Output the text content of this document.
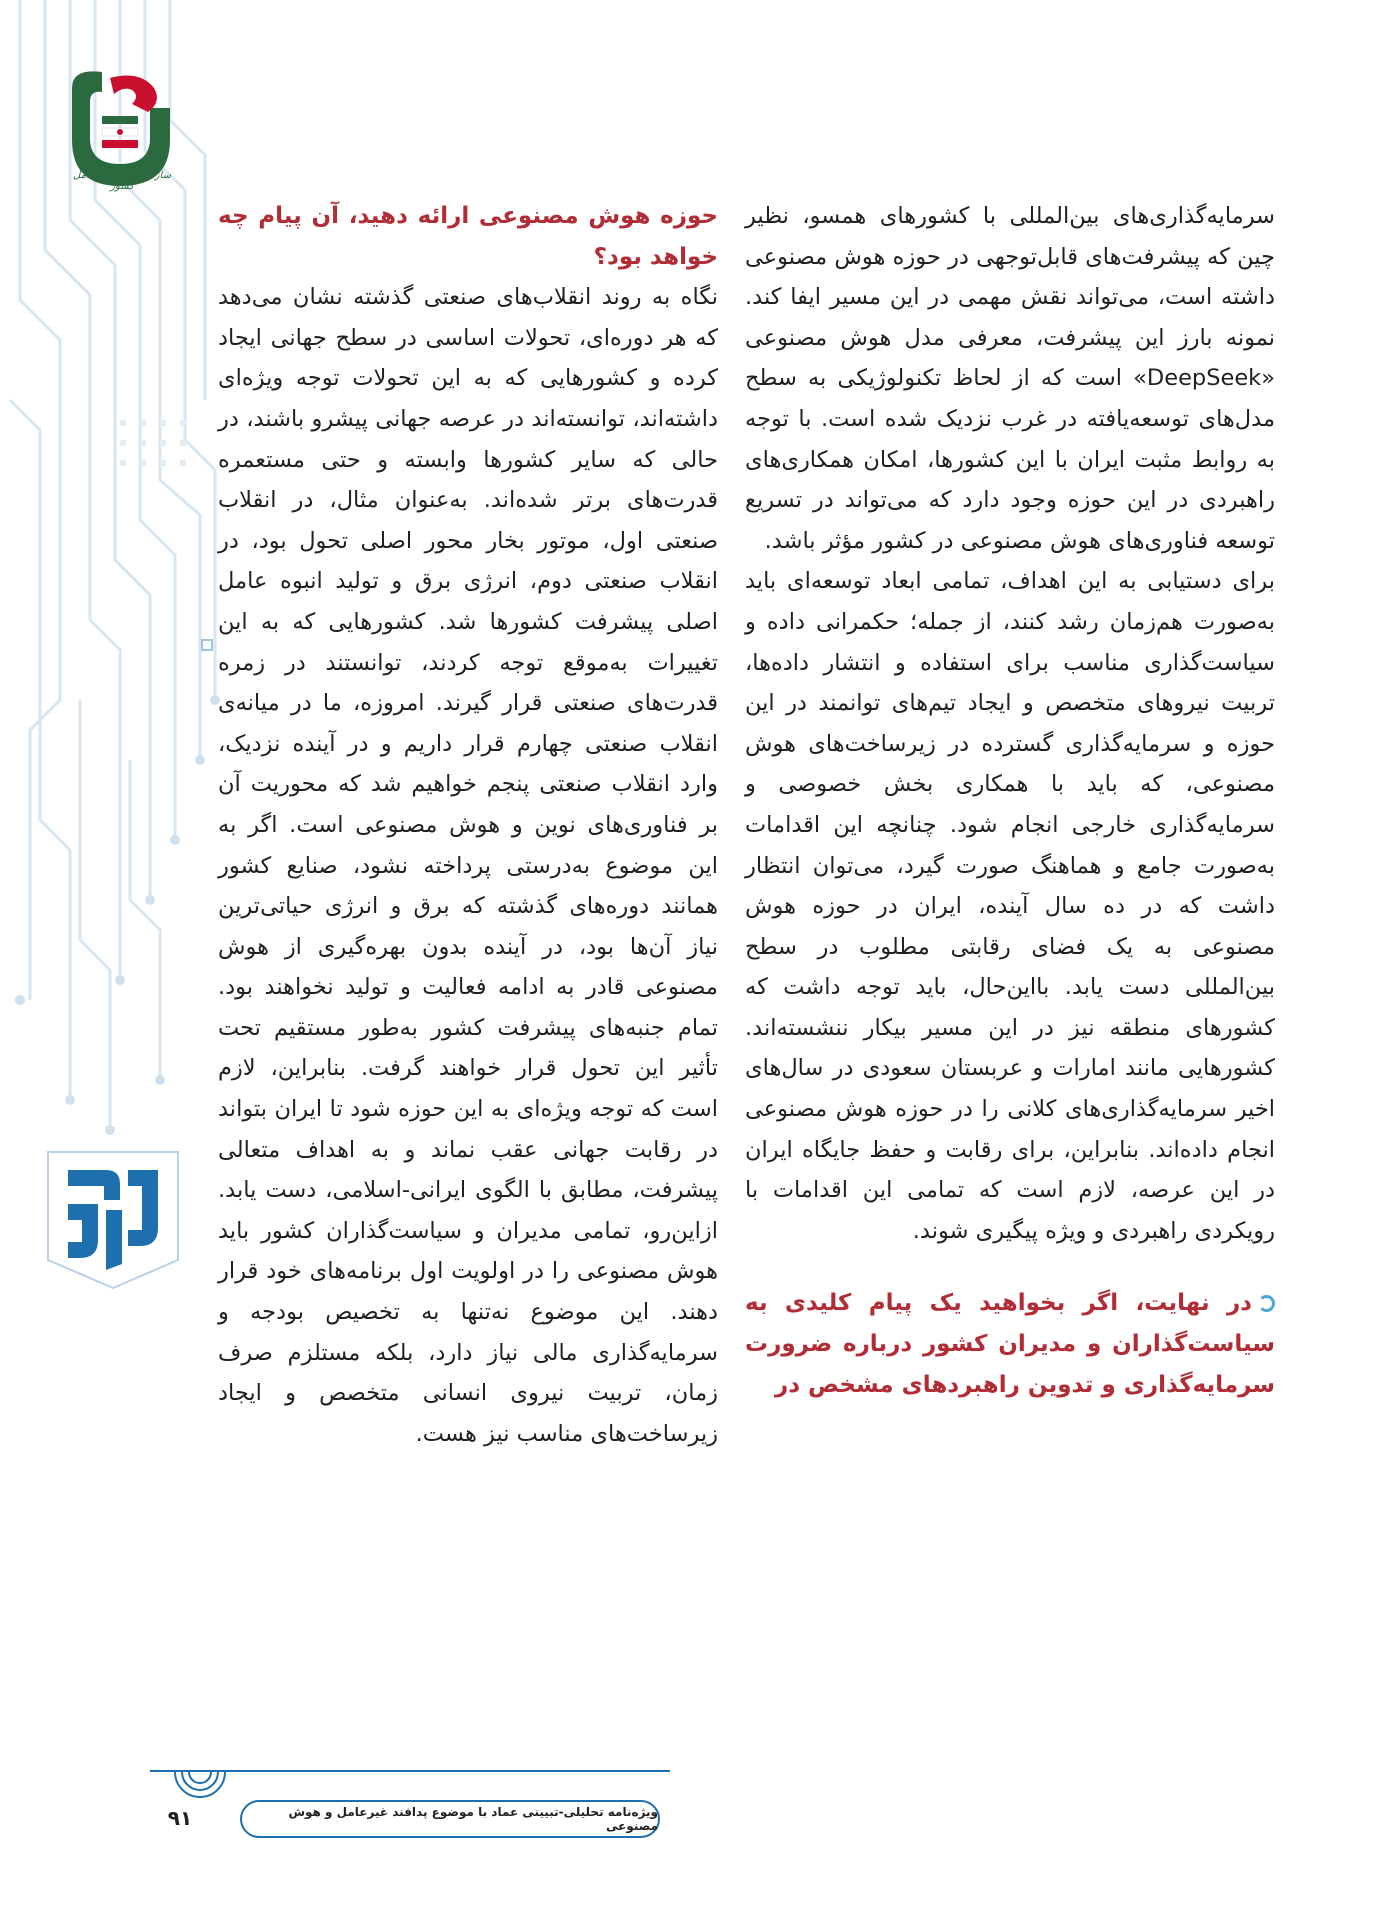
سازمان پدافند غیرعامل کشور

سرمایه‌گذاری‌های بین‌المللی با کشورهای همسو، نظیر چین که پیشرفت‌های قابل‌توجهی در حوزه هوش مصنوعی داشته است، می‌تواند نقش مهمی در این مسیر ایفا کند. نمونه بارز این پیشرفت، معرفی مدل هوش مصنوعی «DeepSeek» است که از لحاظ تکنولوژیکی به سطح مدل‌های توسعه‌یافته در غرب نزدیک شده است. با توجه به روابط مثبت ایران با این کشورها، امکان همکاری‌های راهبردی در این حوزه وجود دارد که می‌تواند در تسریع توسعه فناوری‌های هوش مصنوعی در کشور مؤثر باشد.

برای دستیابی به این اهداف، تمامی ابعاد توسعه‌ای باید به‌صورت هم‌زمان رشد کنند، از جمله؛ حکمرانی داده و سیاست‌گذاری مناسب برای استفاده و انتشار داده‌ها، تربیت نیروهای متخصص و ایجاد تیم‌های توانمند در این حوزه و سرمایه‌گذاری گسترده در زیرساخت‌های هوش مصنوعی، که باید با همکاری بخش خصوصی و سرمایه‌گذاری خارجی انجام شود. چنانچه این اقدامات به‌صورت جامع و هماهنگ صورت گیرد، می‌توان انتظار داشت که در ده سال آینده، ایران در حوزه هوش مصنوعی به یک فضای رقابتی مطلوب در سطح بین‌المللی دست یابد. بااین‌حال، باید توجه داشت که کشورهای منطقه نیز در این مسیر بیکار ننشسته‌اند. کشورهایی مانند امارات و عربستان سعودی در سال‌های اخیر سرمایه‌گذاری‌های کلانی را در حوزه هوش مصنوعی انجام داده‌اند. بنابراین، برای رقابت و حفظ جایگاه ایران در این عرصه، لازم است که تمامی این اقدامات با رویکردی راهبردی و ویژه پیگیری شوند.

در نهایت، اگر بخواهید یک پیام کلیدی به سیاست‌گذاران و مدیران کشور درباره ضرورت سرمایه‌گذاری و تدوین راهبردهای مشخص در

حوزه هوش مصنوعی ارائه دهید، آن پیام چه خواهد بود؟

نگاه به روند انقلاب‌های صنعتی گذشته نشان می‌دهد که هر دوره‌ای، تحولات اساسی در سطح جهانی ایجاد کرده و کشورهایی که به این تحولات توجه ویژه‌ای داشته‌اند، توانسته‌اند در عرصه جهانی پیشرو باشند، در حالی که سایر کشورها وابسته و حتی مستعمره قدرت‌های برتر شده‌اند. به‌عنوان مثال، در انقلاب صنعتی اول، موتور بخار محور اصلی تحول بود، در انقلاب صنعتی دوم، انرژی برق و تولید انبوه عامل اصلی پیشرفت کشورها شد. کشورهایی که به این تغییرات به‌موقع توجه کردند، توانستند در زمره قدرت‌های صنعتی قرار گیرند. امروزه، ما در میانه‌ی انقلاب صنعتی چهارم قرار داریم و در آینده نزدیک، وارد انقلاب صنعتی پنجم خواهیم شد که محوریت آن بر فناوری‌های نوین و هوش مصنوعی است. اگر به این موضوع به‌درستی پرداخته نشود، صنایع کشور همانند دوره‌های گذشته که برق و انرژی حیاتی‌ترین نیاز آن‌ها بود، در آینده بدون بهره‌گیری از هوش مصنوعی قادر به ادامه فعالیت و تولید نخواهند بود. تمام جنبه‌های پیشرفت کشور به‌طور مستقیم تحت تأثیر این تحول قرار خواهند گرفت. بنابراین، لازم است که توجه ویژه‌ای به این حوزه شود تا ایران بتواند در رقابت جهانی عقب نماند و به اهداف متعالی پیشرفت، مطابق با الگوی ایرانی-اسلامی، دست یابد. ازاین‌رو، تمامی مدیران و سیاست‌گذاران کشور باید هوش مصنوعی را در اولویت اول برنامه‌های خود قرار دهند. این موضوع نه‌تنها به تخصیص بودجه و سرمایه‌گذاری مالی نیاز دارد، بلکه مستلزم صرف زمان، تربیت نیروی انسانی متخصص و ایجاد زیرساخت‌های مناسب نیز هست.

ویژه‌نامه تحلیلی-تبیینی عماد با موضوع پدافند غیرعامل و هوش مصنوعی
۹۱
